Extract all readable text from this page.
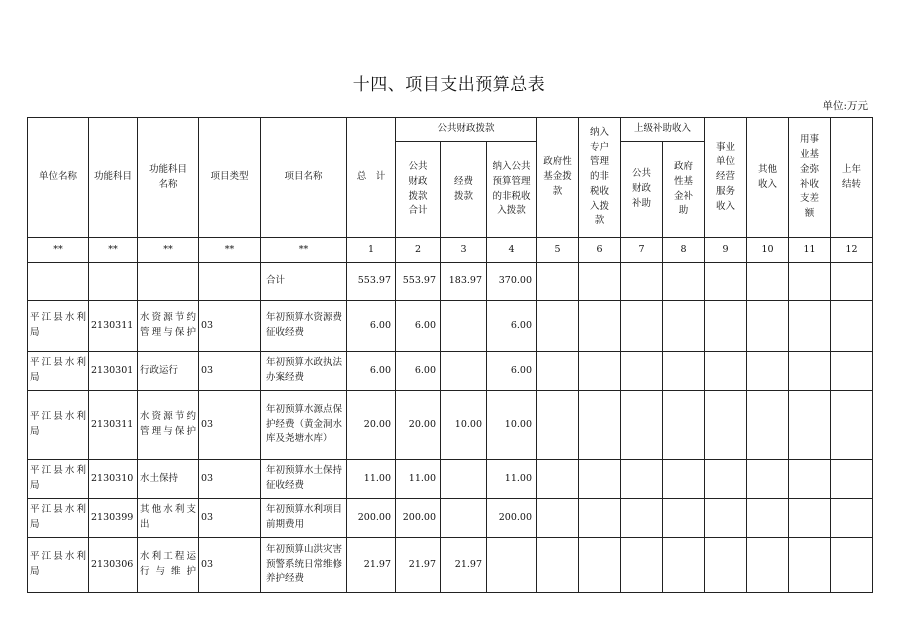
十四、项目支出预算总表
单位:万元
单位名称	功能科目	功能科目名称	项目类型	项目名称	总　计	公共财政拨款			政府性基金拨款	纳入专户管理的非税收入拨款	上级补助收入		事业单位经营服务收入	其他收入	用事业基金弥补收支差额	上年结转
						公共财政拨款合计	经费拨款	纳入公共预算管理的非税收入拨款			公共财政补助	政府性基金补助				
**	**	**	**	**	1	2	3	4	5	6	7	8	9	10	11	12
				合计	553.97	553.97	183.97	370.00								
平江县水利局	2130311	水资源节约管理与保护	03	年初预算水资源费征收经费	6.00	6.00		6.00								
平江县水利局	2130301	行政运行	03	年初预算水政执法办案经费	6.00	6.00		6.00								
平江县水利局	2130311	水资源节约管理与保护	03	年初预算水源点保护经费（黄金洞水库及尧塘水库）	20.00	20.00	10.00	10.00								
平江县水利局	2130310	水土保持	03	年初预算水土保持征收经费	11.00	11.00		11.00								
平江县水利局	2130399	其他水利支出	03	年初预算水利项目前期费用	200.00	200.00		200.00								
平江县水利局	2130306	水利工程运行与维护	03	年初预算山洪灾害预警系统日常维修养护经费	21.97	21.97	21.97									
